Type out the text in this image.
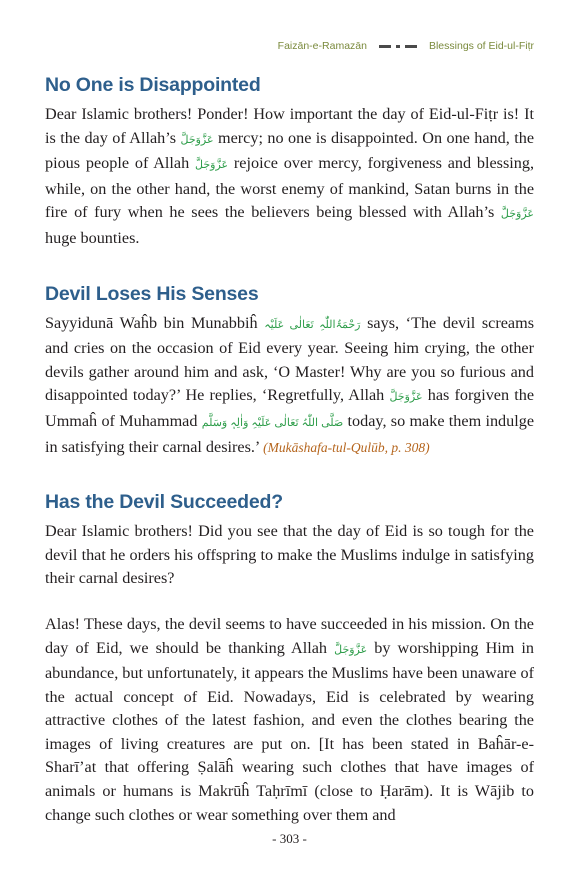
Faizān-e-Ramazān	Blessings of Eid-ul-Fiṭr
No One is Disappointed

Dear Islamic brothers! Ponder! How important the day of Eid-ul-Fiṭr is! It is the day of Allah’s عَزَّوَجَلَّ mercy; no one is disappointed. On one hand, the pious people of Allah عَزَّوَجَلَّ rejoice over mercy, forgiveness and blessing, while, on the other hand, the worst enemy of mankind, Satan burns in the fire of fury when he sees the believers being blessed with Allah’s عَزَّوَجَلَّ huge bounties.

Devil Loses His Senses

Sayyidunā Waĥb bin Munabbiĥ رَحْمَۃُاللّٰہِ تَعَالٰی عَلَیْہ says, ‘The devil screams and cries on the occasion of Eid every year. Seeing him crying, the other devils gather around him and ask, ‘O Master! Why are you so furious and disappointed today?’ He replies, ‘Regretfully, Allah عَزَّوَجَلَّ has forgiven the Ummaĥ of Muhammad صَلَّی اللّٰہُ تَعَالٰی عَلَیْہِ وَاٰلِہٖ وَسَلَّم today, so make them indulge in satisfying their carnal desires.’ (Mukāshafa-tul-Qulūb, p. 308)

Has the Devil Succeeded?

Dear Islamic brothers! Did you see that the day of Eid is so tough for the devil that he orders his offspring to make the Muslims indulge in satisfying their carnal desires?

Alas! These days, the devil seems to have succeeded in his mission. On the day of Eid, we should be thanking Allah عَزَّوَجَلَّ by worshipping Him in abundance, but unfortunately, it appears the Muslims have been unaware of the actual concept of Eid. Nowadays, Eid is celebrated by wearing attractive clothes of the latest fashion, and even the clothes bearing the images of living creatures are put on. [It has been stated in Baĥār-e-Sharī’at that offering Ṣalāĥ wearing such clothes that have images of animals or humans is Makrūĥ Taḥrīmī (close to Ḥarām). It is Wājib to change such clothes or wear something over them and

- 303 -
